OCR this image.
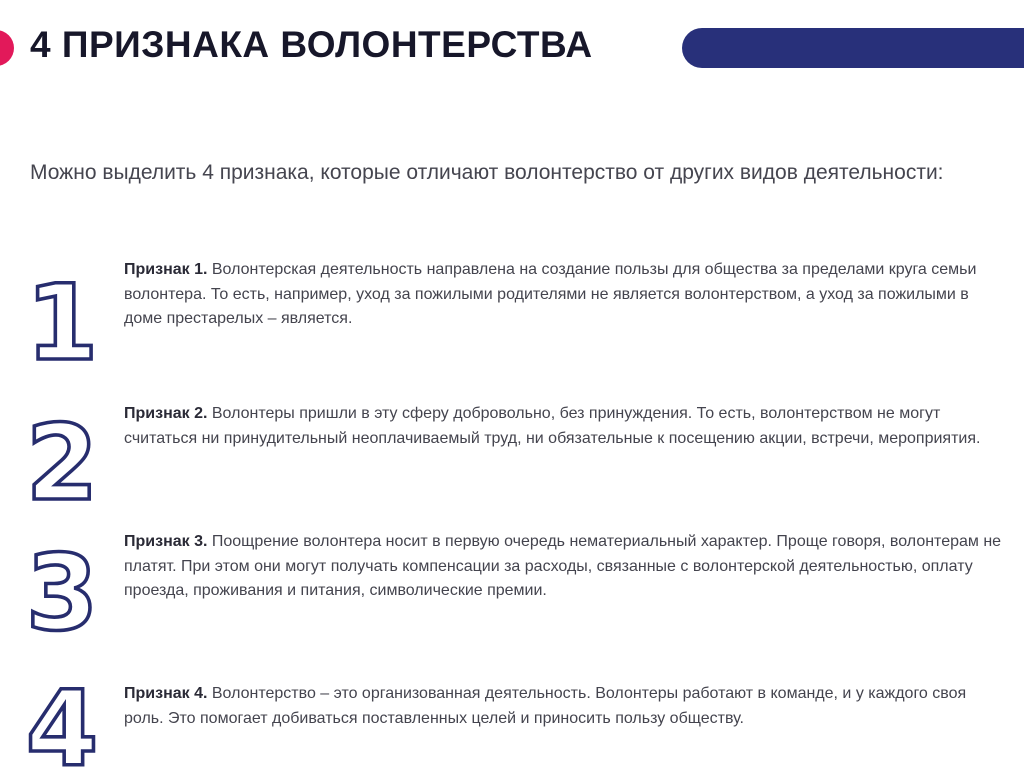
4 ПРИЗНАКА ВОЛОНТЕРСТВА

Можно выделить 4 признака, которые отличают волонтерство от других видов деятельности:

1 Признак 1. Волонтерская деятельность направлена на создание пользы для общества за пределами круга семьи волонтера. То есть, например, уход за пожилыми родителями не является волонтерством, а уход за пожилыми в доме престарелых – является.

2 Признак 2. Волонтеры пришли в эту сферу добровольно, без принуждения. То есть, волонтерством не могут считаться ни принудительный неоплачиваемый труд, ни обязательные к посещению акции, встречи, мероприятия.

3 Признак 3. Поощрение волонтера носит в первую очередь нематериальный характер. Проще говоря, волонтерам не платят. При этом они могут получать компенсации за расходы, связанные с волонтерской деятельностью, оплату проезда, проживания и питания, символические премии.

4 Признак 4. Волонтерство – это организованная деятельность. Волонтеры работают в команде, и у каждого своя роль. Это помогает добиваться поставленных целей и приносить пользу обществу.
